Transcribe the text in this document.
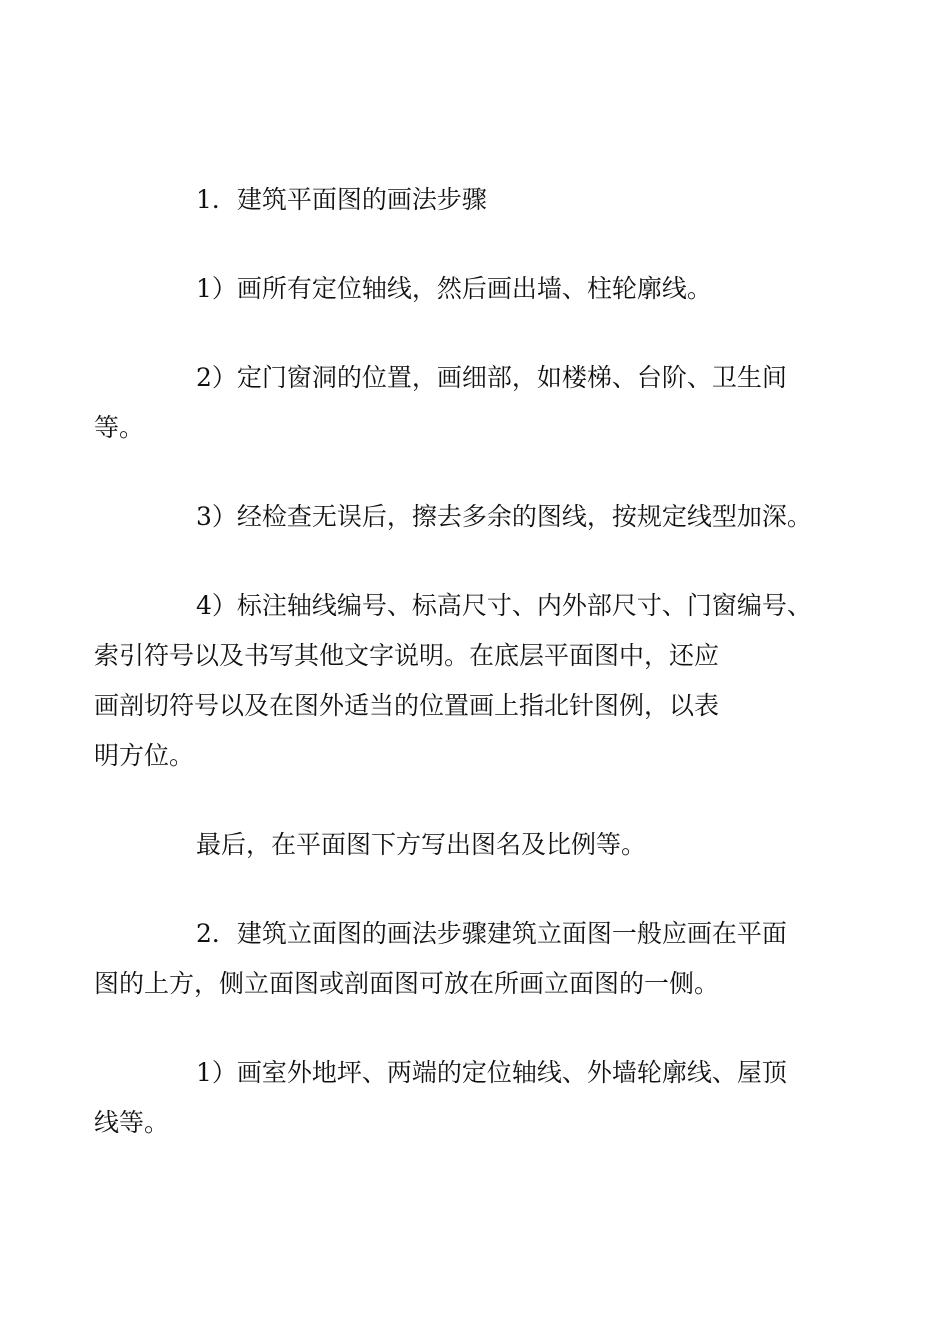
1．建筑平面图的画法步骤

1）画所有定位轴线，然后画出墙、柱轮廓线。

2）定门窗洞的位置，画细部，如楼梯、台阶、卫生间
等。

3）经检查无误后，擦去多余的图线，按规定线型加深。

4）标注轴线编号、标高尺寸、内外部尺寸、门窗编号、
索引符号以及书写其他文字说明。在底层平面图中，还应
画剖切符号以及在图外适当的位置画上指北针图例，以表
明方位。

最后，在平面图下方写出图名及比例等。

2．建筑立面图的画法步骤建筑立面图一般应画在平面
图的上方，侧立面图或剖面图可放在所画立面图的一侧。

1）画室外地坪、两端的定位轴线、外墙轮廓线、屋顶
线等。
